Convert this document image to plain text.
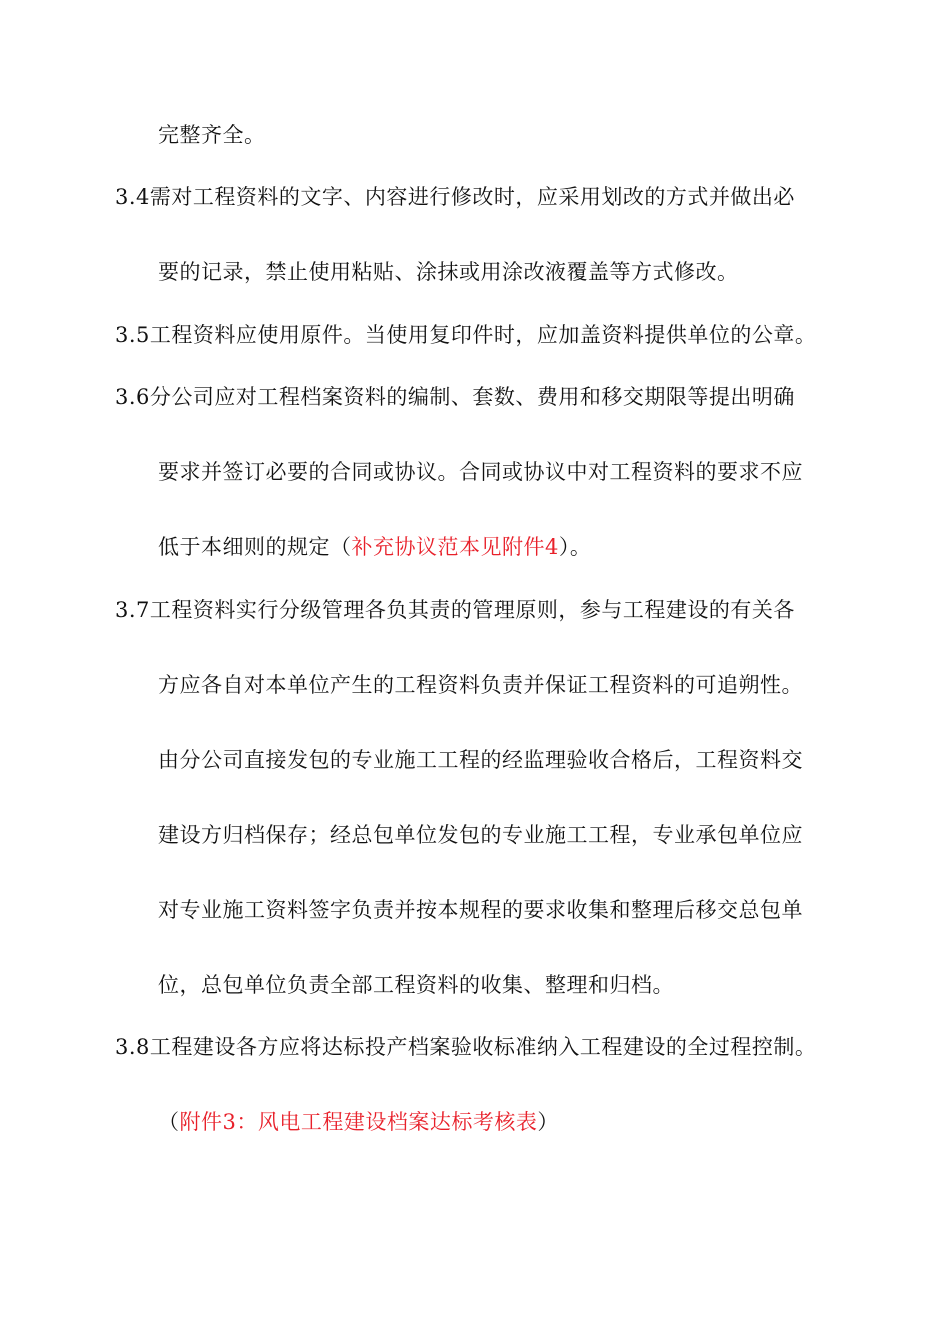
完整齐全。
3.4需对工程资料的文字、内容进行修改时，应采用划改的方式并做出必
要的记录，禁止使用粘贴、涂抹或用涂改液覆盖等方式修改。
3.5工程资料应使用原件。当使用复印件时，应加盖资料提供单位的公章。
3.6分公司应对工程档案资料的编制、套数、费用和移交期限等提出明确
要求并签订必要的合同或协议。合同或协议中对工程资料的要求不应
低于本细则的规定（补充协议范本见附件4）。
3.7工程资料实行分级管理各负其责的管理原则，参与工程建设的有关各
方应各自对本单位产生的工程资料负责并保证工程资料的可追朔性。
由分公司直接发包的专业施工工程的经监理验收合格后，工程资料交
建设方归档保存；经总包单位发包的专业施工工程，专业承包单位应
对专业施工资料签字负责并按本规程的要求收集和整理后移交总包单
位，总包单位负责全部工程资料的收集、整理和归档。
3.8工程建设各方应将达标投产档案验收标准纳入工程建设的全过程控制。
（附件3：风电工程建设档案达标考核表）
